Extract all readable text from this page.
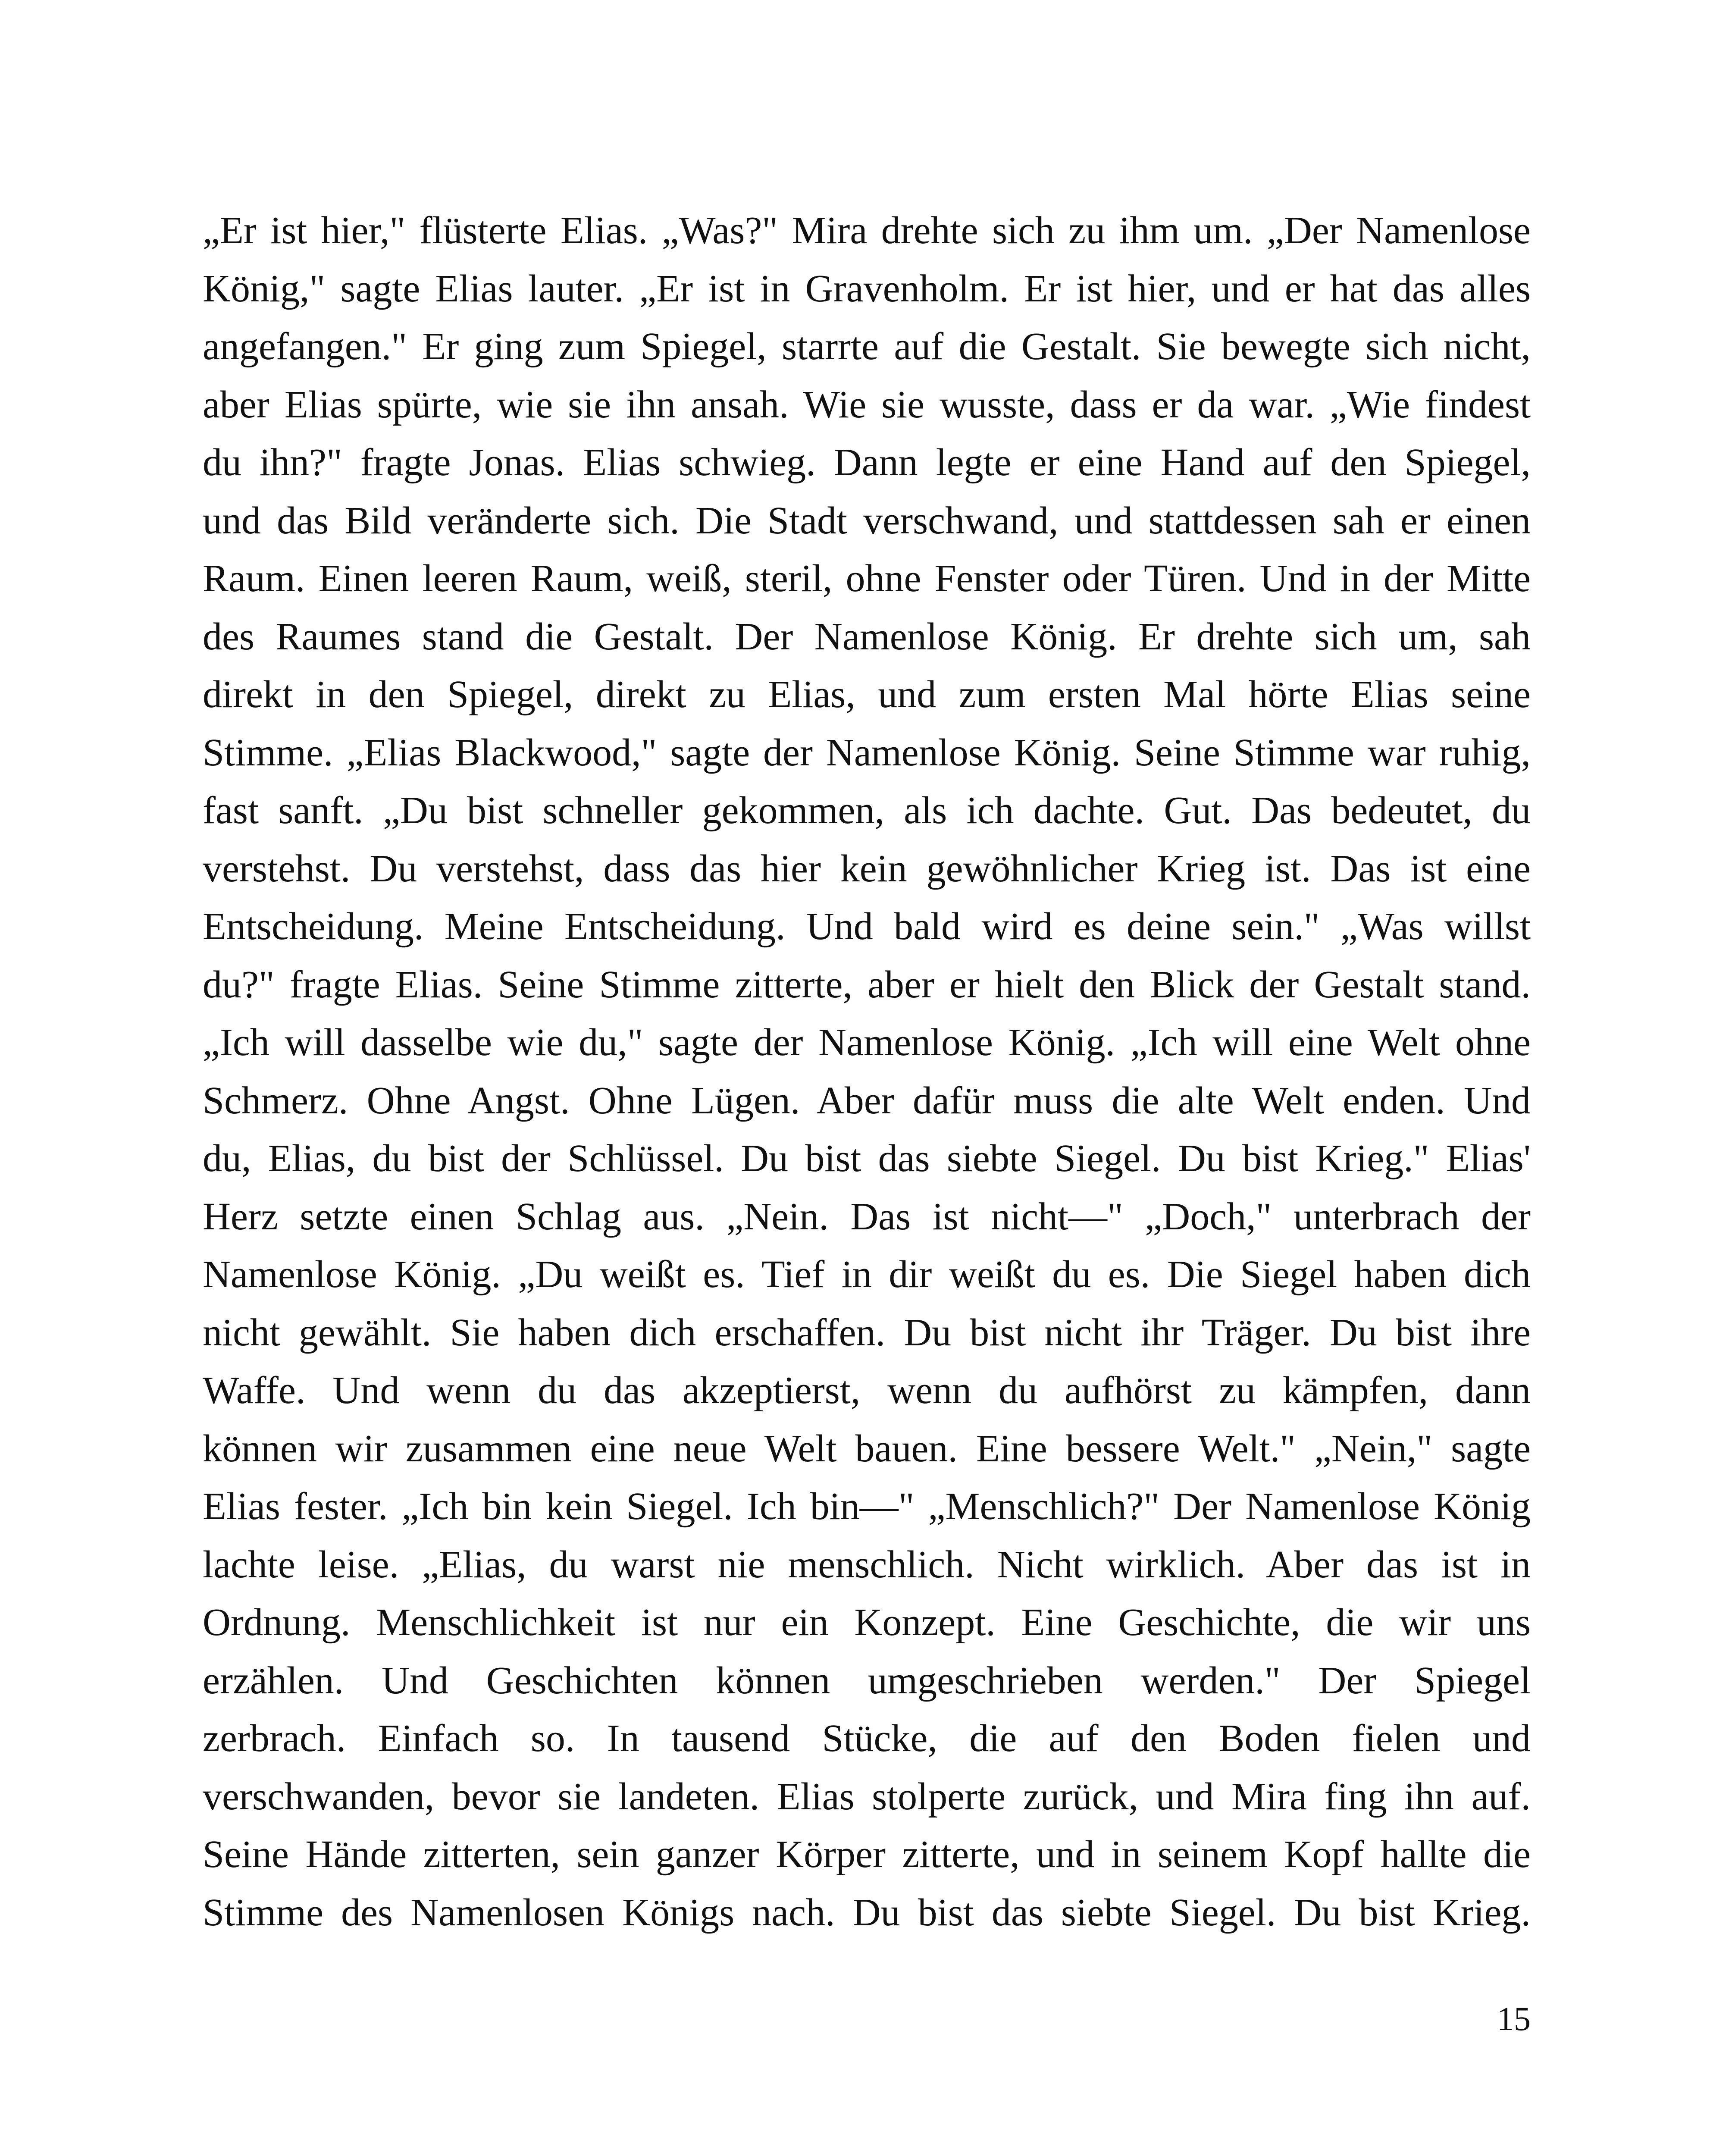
„Er ist hier," flüsterte Elias. „Was?" Mira drehte sich zu ihm um. „Der Namenlose
König," sagte Elias lauter. „Er ist in Gravenholm. Er ist hier, und er hat das alles
angefangen." Er ging zum Spiegel, starrte auf die Gestalt. Sie bewegte sich nicht,
aber Elias spürte, wie sie ihn ansah. Wie sie wusste, dass er da war. „Wie findest
du ihn?" fragte Jonas. Elias schwieg. Dann legte er eine Hand auf den Spiegel,
und das Bild veränderte sich. Die Stadt verschwand, und stattdessen sah er einen
Raum. Einen leeren Raum, weiß, steril, ohne Fenster oder Türen. Und in der Mitte
des Raumes stand die Gestalt. Der Namenlose König. Er drehte sich um, sah
direkt in den Spiegel, direkt zu Elias, und zum ersten Mal hörte Elias seine
Stimme. „Elias Blackwood," sagte der Namenlose König. Seine Stimme war ruhig,
fast sanft. „Du bist schneller gekommen, als ich dachte. Gut. Das bedeutet, du
verstehst. Du verstehst, dass das hier kein gewöhnlicher Krieg ist. Das ist eine
Entscheidung. Meine Entscheidung. Und bald wird es deine sein." „Was willst
du?" fragte Elias. Seine Stimme zitterte, aber er hielt den Blick der Gestalt stand.
„Ich will dasselbe wie du," sagte der Namenlose König. „Ich will eine Welt ohne
Schmerz. Ohne Angst. Ohne Lügen. Aber dafür muss die alte Welt enden. Und
du, Elias, du bist der Schlüssel. Du bist das siebte Siegel. Du bist Krieg." Elias'
Herz setzte einen Schlag aus. „Nein. Das ist nicht—" „Doch," unterbrach der
Namenlose König. „Du weißt es. Tief in dir weißt du es. Die Siegel haben dich
nicht gewählt. Sie haben dich erschaffen. Du bist nicht ihr Träger. Du bist ihre
Waffe. Und wenn du das akzeptierst, wenn du aufhörst zu kämpfen, dann
können wir zusammen eine neue Welt bauen. Eine bessere Welt." „Nein," sagte
Elias fester. „Ich bin kein Siegel. Ich bin—" „Menschlich?" Der Namenlose König
lachte leise. „Elias, du warst nie menschlich. Nicht wirklich. Aber das ist in
Ordnung. Menschlichkeit ist nur ein Konzept. Eine Geschichte, die wir uns
erzählen. Und Geschichten können umgeschrieben werden." Der Spiegel
zerbrach. Einfach so. In tausend Stücke, die auf den Boden fielen und
verschwanden, bevor sie landeten. Elias stolperte zurück, und Mira fing ihn auf.
Seine Hände zitterten, sein ganzer Körper zitterte, und in seinem Kopf hallte die
Stimme des Namenlosen Königs nach. Du bist das siebte Siegel. Du bist Krieg.
15
